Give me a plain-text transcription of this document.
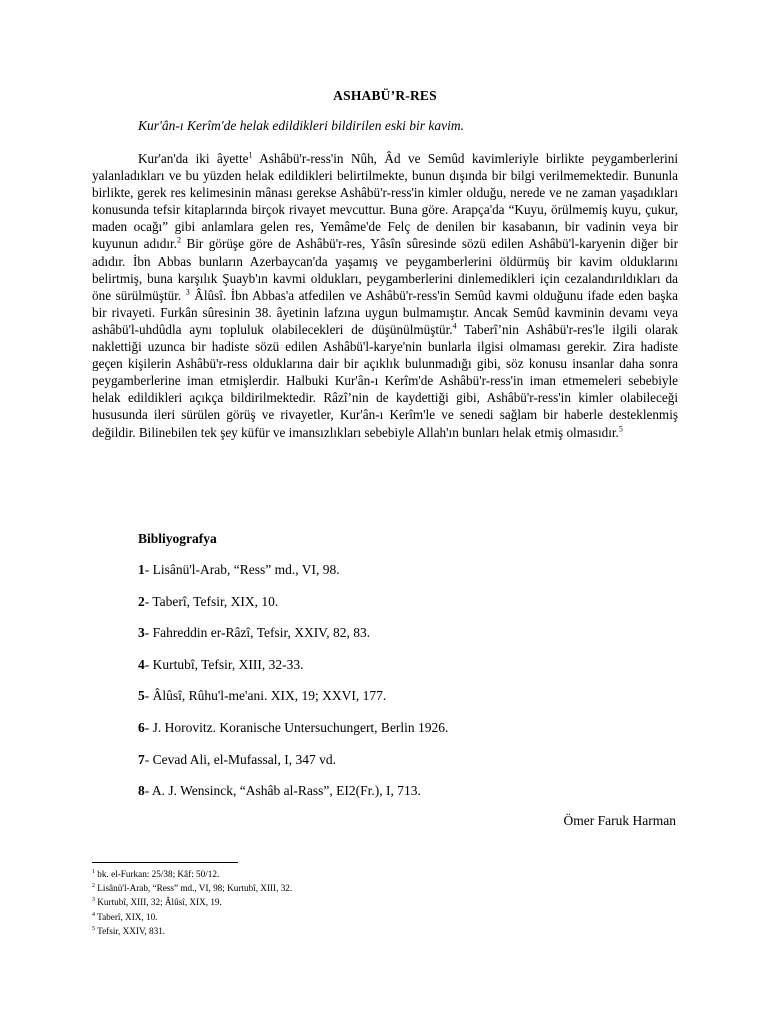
ASHABÜ’R-RES
Kur'ân-ı Kerîm'de helak edildikleri bildirilen eski bir kavim.

Kur'an'da iki âyette$^1$ Ashâbü'r-ress'in Nûh, Âd ve Semûd kavimleriyle birlikte peygamberlerini yalanladıkları ve bu yüzden helak edildikleri belirtilmekte, bunun dışında bir bilgi verilmemektedir. Bununla birlikte, gerek res kelimesinin mânası gerekse Ashâbü'r-ress'in kimler olduğu, nerede ve ne zaman yaşadıkları konusunda tefsir kitaplarında birçok rivayet mevcuttur. Buna göre. Arapça'da “Kuyu, örülmemiş kuyu, çukur, maden ocağı” gibi anlamlara gelen res, Yemâme'de Felç de denilen bir kasabanın, bir vadinin veya bir kuyunun adıdır.$^2$ Bir görüşe göre de Ashâbü'r-res, Yâsîn sûresinde sözü edilen Ashâbü'l-karyenin diğer bir adıdır. İbn Abbas bunların Azerbaycan'da yaşamış ve peygamberlerini öldürmüş bir kavim olduklarını belirtmiş, buna karşılık Şuayb'ın kavmi oldukları, peygamberlerini dinlemedikleri için cezalandırıldıkları da öne sürülmüştür. $^3$ Âlûsî. İbn Abbas'a atfedilen ve Ashâbü'r-ress'in Semûd kavmi olduğunu ifade eden başka bir rivayeti. Furkân sûresinin 38. âyetinin lafzına uygun bulmamıştır. Ancak Semûd kavminin devamı veya ashâbü'l-uhdûdla aynı topluluk olabilecekleri de düşünülmüştür.$^4$ Taberî’nin Ashâbü'r-res'le ilgili olarak naklettiği uzunca bir hadiste sözü edilen Ashâbü'l-karye'nin bunlarla ilgisi olmaması gerekir. Zira hadiste geçen kişilerin Ashâbü'r-ress olduklarına dair bir açıklık bulunmadığı gibi, söz konusu insanlar daha sonra peygamberlerine iman etmişlerdir. Halbuki Kur'ân-ı Kerîm'de Ashâbü'r-ress'in iman etmemeleri sebebiyle helak edildikleri açıkça bildirilmektedir. Râzî’nin de kaydettiği gibi, Ashâbü'r-ress'in kimler olabileceği hususunda ileri sürülen görüş ve rivayetler, Kur'ân-ı Kerîm'le ve senedi sağlam bir haberle desteklenmiş değildir. Bilinebilen tek şey küfür ve imansızlıkları sebebiyle Allah'ın bunları helak etmiş olmasıdır.$^5$

Bibliyografya
1- Lisânü'l-Arab, “Ress” md., VI, 98.
2- Taberî, Tefsir, XIX, 10.
3- Fahreddin er-Râzî, Tefsir, XXIV, 82, 83.
4- Kurtubî, Tefsir, XIII, 32-33.
5- Âlûsî, Rûhu'l-me'ani. XIX, 19; XXVI, 177.
6- J. Horovitz. Koranische Untersuchungert, Berlin 1926.
7- Cevad Ali, el-Mufassal, I, 347 vd.
8- A. J. Wensinck, “Ashâb al-Rass”, EI2(Fr.), I, 713.
Ömer Faruk Harman
$^1$ bk. el-Furkan: 25/38; Kâf: 50/12.
$^2$ Lisânü'l-Arab, “Ress” md., VI, 98; Kurtubî, XIII, 32.
$^3$ Kurtubî, XIII, 32; Âlûsî, XIX, 19.
$^4$ Taberî, XIX, 10.
$^5$ Tefsir, XXIV, 831.
